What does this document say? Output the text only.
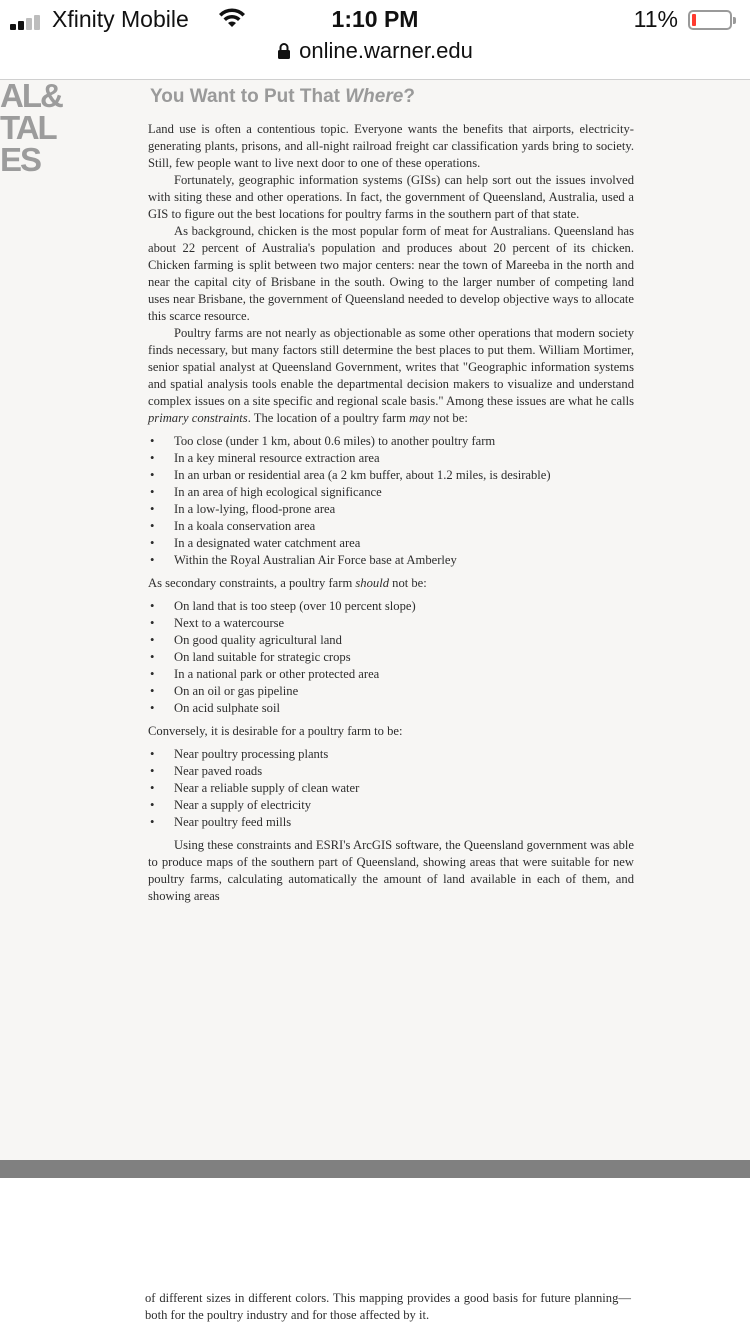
Xfinity Mobile	1:10 PM	11%
online.warner.edu
AL&
TAL
ES
You Want to Put That Where?

Land use is often a contentious topic. Everyone wants the benefits that airports, electricity-generating plants, prisons, and all-night railroad freight car classification yards bring to society. Still, few people want to live next door to one of these operations.

Fortunately, geographic information systems (GISs) can help sort out the issues involved with siting these and other operations. In fact, the government of Queensland, Australia, used a GIS to figure out the best locations for poultry farms in the southern part of that state.

As background, chicken is the most popular form of meat for Australians. Queensland has about 22 percent of Australia's population and produces about 20 percent of its chicken. Chicken farming is split between two major centers: near the town of Mareeba in the north and near the capital city of Brisbane in the south. Owing to the larger number of competing land uses near Brisbane, the government of Queensland needed to develop objective ways to allocate this scarce resource.

Poultry farms are not nearly as objectionable as some other operations that modern society finds necessary, but many factors still determine the best places to put them. William Mortimer, senior spatial analyst at Queensland Government, writes that "Geographic information systems and spatial analysis tools enable the departmental decision makers to visualize and understand complex issues on a site specific and regional scale basis." Among these issues are what he calls primary constraints. The location of a poultry farm may not be:

• Too close (under 1 km, about 0.6 miles) to another poultry farm
• In a key mineral resource extraction area
• In an urban or residential area (a 2 km buffer, about 1.2 miles, is desirable)
• In an area of high ecological significance
• In a low-lying, flood-prone area
• In a koala conservation area
• In a designated water catchment area
• Within the Royal Australian Air Force base at Amberley

As secondary constraints, a poultry farm should not be:

• On land that is too steep (over 10 percent slope)
• Next to a watercourse
• On good quality agricultural land
• On land suitable for strategic crops
• In a national park or other protected area
• On an oil or gas pipeline
• On acid sulphate soil

Conversely, it is desirable for a poultry farm to be:

• Near poultry processing plants
• Near paved roads
• Near a reliable supply of clean water
• Near a supply of electricity
• Near poultry feed mills

Using these constraints and ESRI's ArcGIS software, the Queensland government was able to produce maps of the southern part of Queensland, showing areas that were suitable for new poultry farms, calculating automatically the amount of land available in each of them, and showing areas

of different sizes in different colors. This mapping provides a good basis for future planning—both for the poultry industry and for those affected by it.
